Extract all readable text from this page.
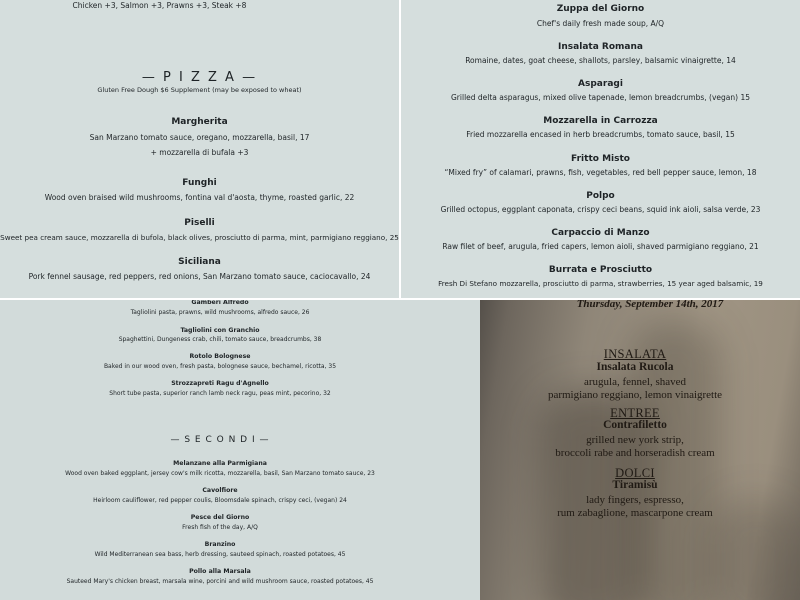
Chicken +3, Salmon +3, Prawns +3, Steak +8
— P I Z Z A —
Gluten Free Dough $6 Supplement (may be exposed to wheat)
Margherita
San Marzano tomato sauce, oregano, mozzarella, basil, 17
+ mozzarella di bufala +3
Funghi
Wood oven braised wild mushrooms, fontina val d'aosta, thyme, roasted garlic, 22
Piselli
Sweet pea cream sauce, mozzarella di bufola, black olives, prosciutto di parma, mint, parmigiano reggiano, 25
Siciliana
Pork fennel sausage, red peppers, red onions, San Marzano tomato sauce, caciocavallo, 24
Zuppa del Giorno
Chef's daily fresh made soup, A/Q
Insalata Romana
Romaine, dates, goat cheese, shallots, parsley, balsamic vinaigrette, 14
Asparagi
Grilled delta asparagus, mixed olive tapenade, lemon breadcrumbs, (vegan) 15
Mozzarella in Carrozza
Fried mozzarella encased in herb breadcrumbs, tomato sauce, basil, 15
Fritto Misto
“Mixed fry” of calamari, prawns, fish, vegetables, red bell pepper sauce, lemon, 18
Polpo
Grilled octopus, eggplant caponata, crispy ceci beans, squid ink aioli, salsa verde, 23
Carpaccio di Manzo
Raw filet of beef, arugula, fried capers, lemon aioli, shaved parmigiano reggiano, 21
Burrata e Prosciutto
Fresh Di Stefano mozzarella, prosciutto di parma, strawberries, 15 year aged balsamic, 19
Gamberi Alfredo
Tagliolini pasta, prawns, wild mushrooms, alfredo sauce, 26
Tagliolini con Granchio
Spaghettini, Dungeness crab, chili, tomato sauce, breadcrumbs, 38
Rotolo Bolognese
Baked in our wood oven, fresh pasta, bolognese sauce, bechamel, ricotta, 35
Strozzapreti Ragu d'Agnello
Short tube pasta, superior ranch lamb neck ragu, peas mint, pecorino, 32
— S E C O N D I —
Melanzane alla Parmigiana
Wood oven baked eggplant, jersey cow's milk ricotta, mozzarella, basil, San Marzano tomato sauce, 23
Cavolfiore
Heirloom cauliflower, red pepper coulis, Bloomsdale spinach, crispy ceci, (vegan) 24
Pesce del Giorno
Fresh fish of the day, A/Q
Branzino
Wild Mediterranean sea bass, herb dressing, sauteed spinach, roasted potatoes, 45
Pollo alla Marsala
Sauteed Mary's chicken breast, marsala wine, porcini and wild mushroom sauce, roasted potatoes, 45
Thursday, September 14th, 2017
INSALATA
Insalata Rucola
arugula, fennel, shaved
parmigiano reggiano, lemon vinaigrette
ENTREE
Contrafiletto
grilled new york strip,
broccoli rabe and horseradish cream
DOLCI
Tiramisù
lady fingers, espresso,
rum zabaglione, mascarpone cream
